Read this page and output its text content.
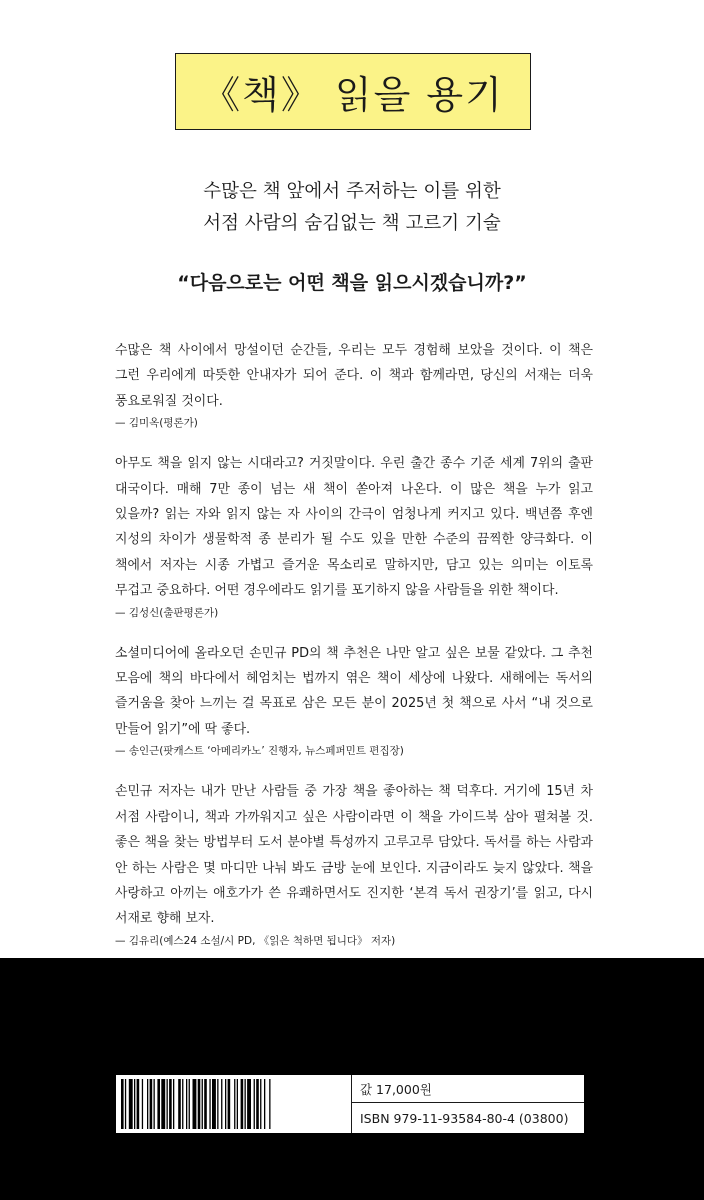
《책》 읽을 용기
수많은 책 앞에서 주저하는 이를 위한
서점 사람의 숨김없는 책 고르기 기술
“다음으로는 어떤 책을 읽으시겠습니까?”

수많은 책 사이에서 망설이던 순간들, 우리는 모두 경험해 보았을 것이다. 이 책은 그런 우리에게 따뜻한 안내자가 되어 준다. 이 책과 함께라면, 당신의 서재는 더욱 풍요로워질 것이다.

— 김미옥(평론가)

아무도 책을 읽지 않는 시대라고? 거짓말이다. 우린 출간 종수 기준 세계 7위의 출판 대국이다. 매해 7만 종이 넘는 새 책이 쏟아져 나온다. 이 많은 책을 누가 읽고 있을까? 읽는 자와 읽지 않는 자 사이의 간극이 엄청나게 커지고 있다. 백년쯤 후엔 지성의 차이가 생물학적 종 분리가 될 수도 있을 만한 수준의 끔찍한 양극화다. 이 책에서 저자는 시종 가볍고 즐거운 목소리로 말하지만, 담고 있는 의미는 이토록 무겁고 중요하다. 어떤 경우에라도 읽기를 포기하지 않을 사람들을 위한 책이다.

— 김성신(출판평론가)

소셜미디어에 올라오던 손민규 PD의 책 추천은 나만 알고 싶은 보물 같았다. 그 추천 모음에 책의 바다에서 헤엄치는 법까지 엮은 책이 세상에 나왔다. 새해에는 독서의 즐거움을 찾아 느끼는 걸 목표로 삼은 모든 분이 2025년 첫 책으로 사서 “내 것으로 만들어 읽기”에 딱 좋다.

— 송인근(팟캐스트 ‘아메리카노’ 진행자, 뉴스페퍼민트 편집장)

손민규 저자는 내가 만난 사람들 중 가장 책을 좋아하는 책 덕후다. 거기에 15년 차 서점 사람이니, 책과 가까워지고 싶은 사람이라면 이 책을 가이드북 삼아 펼쳐볼 것. 좋은 책을 찾는 방법부터 도서 분야별 특성까지 고루고루 담았다. 독서를 하는 사람과 안 하는 사람은 몇 마디만 나눠 봐도 금방 눈에 보인다. 지금이라도 늦지 않았다. 책을 사랑하고 아끼는 애호가가 쓴 유쾌하면서도 진지한 ‘본격 독서 권장기’를 읽고, 다시 서재로 향해 보자.

— 김유리(예스24 소설/시 PD, 《읽은 척하면 됩니다》 저자)

값 17,000원
ISBN 979-11-93584-80-4 (03800)
